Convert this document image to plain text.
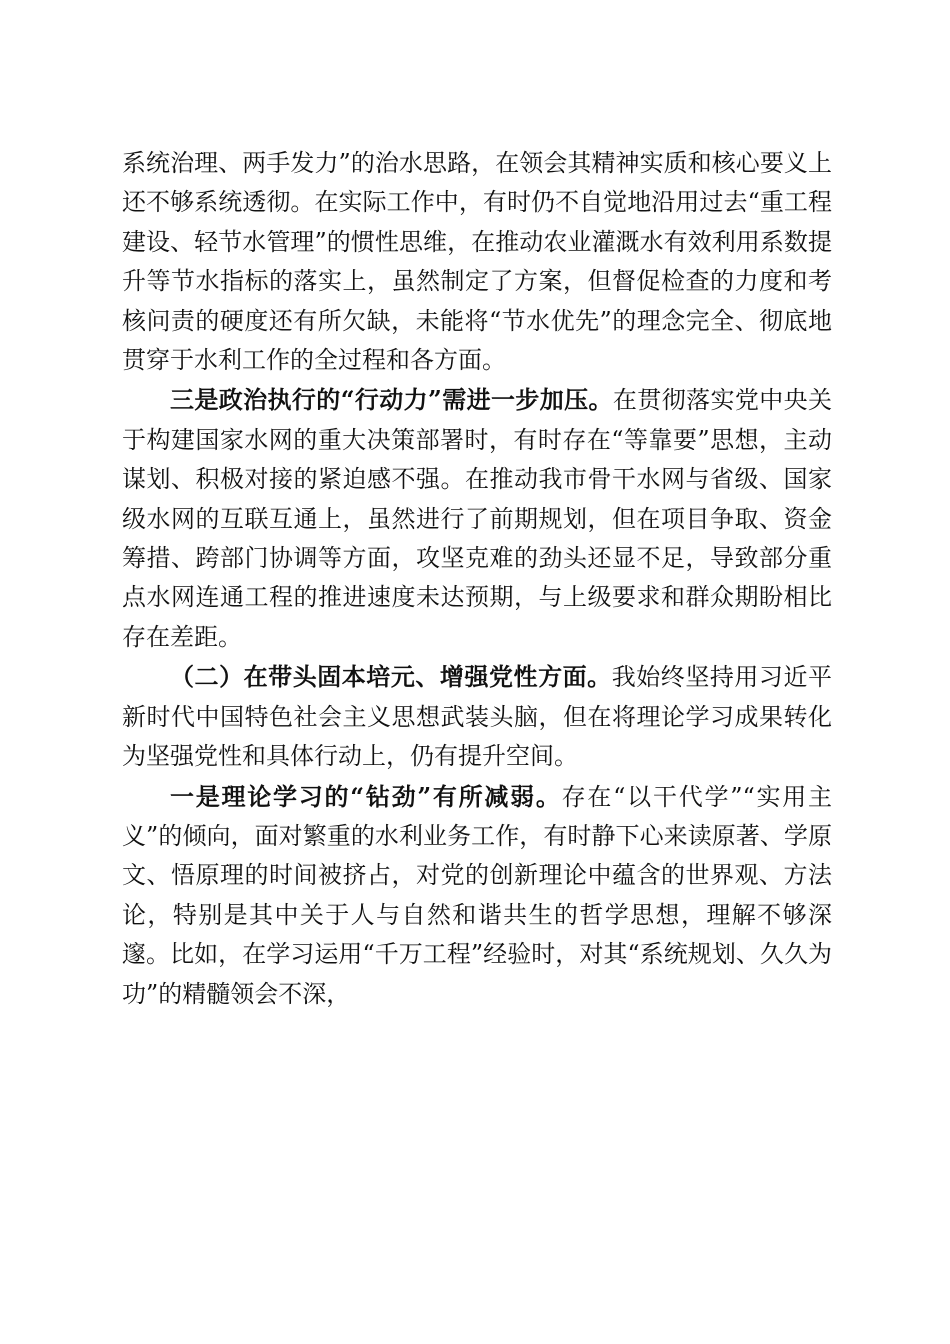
系统治理、两手发力”的治水思路，在领会其精神实质和核心要义上还不够系统透彻。在实际工作中，有时仍不自觉地沿用过去“重工程建设、轻节水管理”的惯性思维，在推动农业灌溉水有效利用系数提升等节水指标的落实上，虽然制定了方案，但督促检查的力度和考核问责的硬度还有所欠缺，未能将“节水优先”的理念完全、彻底地贯穿于水利工作的全过程和各方面。

三是政治执行的“行动力”需进一步加压。在贯彻落实党中央关于构建国家水网的重大决策部署时，有时存在“等靠要”思想，主动谋划、积极对接的紧迫感不强。在推动我市骨干水网与省级、国家级水网的互联互通上，虽然进行了前期规划，但在项目争取、资金筹措、跨部门协调等方面，攻坚克难的劲头还显不足，导致部分重点水网连通工程的推进速度未达预期，与上级要求和群众期盼相比存在差距。

（二）在带头固本培元、增强党性方面。我始终坚持用习近平新时代中国特色社会主义思想武装头脑，但在将理论学习成果转化为坚强党性和具体行动上，仍有提升空间。

一是理论学习的“钻劲”有所减弱。存在“以干代学”“实用主义”的倾向，面对繁重的水利业务工作，有时静下心来读原著、学原文、悟原理的时间被挤占，对党的创新理论中蕴含的世界观、方法论，特别是其中关于人与自然和谐共生的哲学思想，理解不够深邃。比如，在学习运用“千万工程”经验时，对其“系统规划、久久为功”的精髓领会不深，
